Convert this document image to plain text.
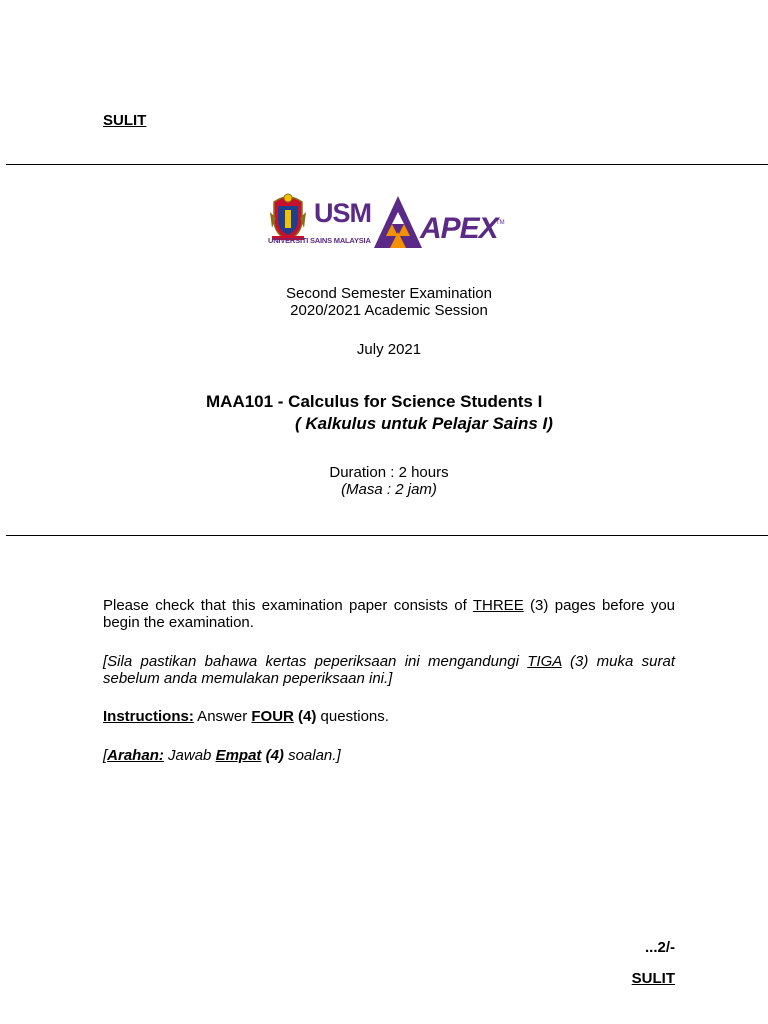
SULIT
USM
UNIVERSITI SAINS MALAYSIA APEX
TM
Second Semester Examination
2020/2021 Academic Session
July 2021
MAA101 - Calculus for Science Students I
( Kalkulus untuk Pelajar Sains I)
Duration : 2 hours
(Masa : 2 jam)
Please check that this examination paper consists of THREE (3) pages before you begin the examination.
[Sila pastikan bahawa kertas peperiksaan ini mengandungi TIGA (3) muka surat sebelum anda memulakan peperiksaan ini.]
Instructions: Answer FOUR (4) questions.
[Arahan: Jawab Empat (4) soalan.]
...2/-
SULIT
